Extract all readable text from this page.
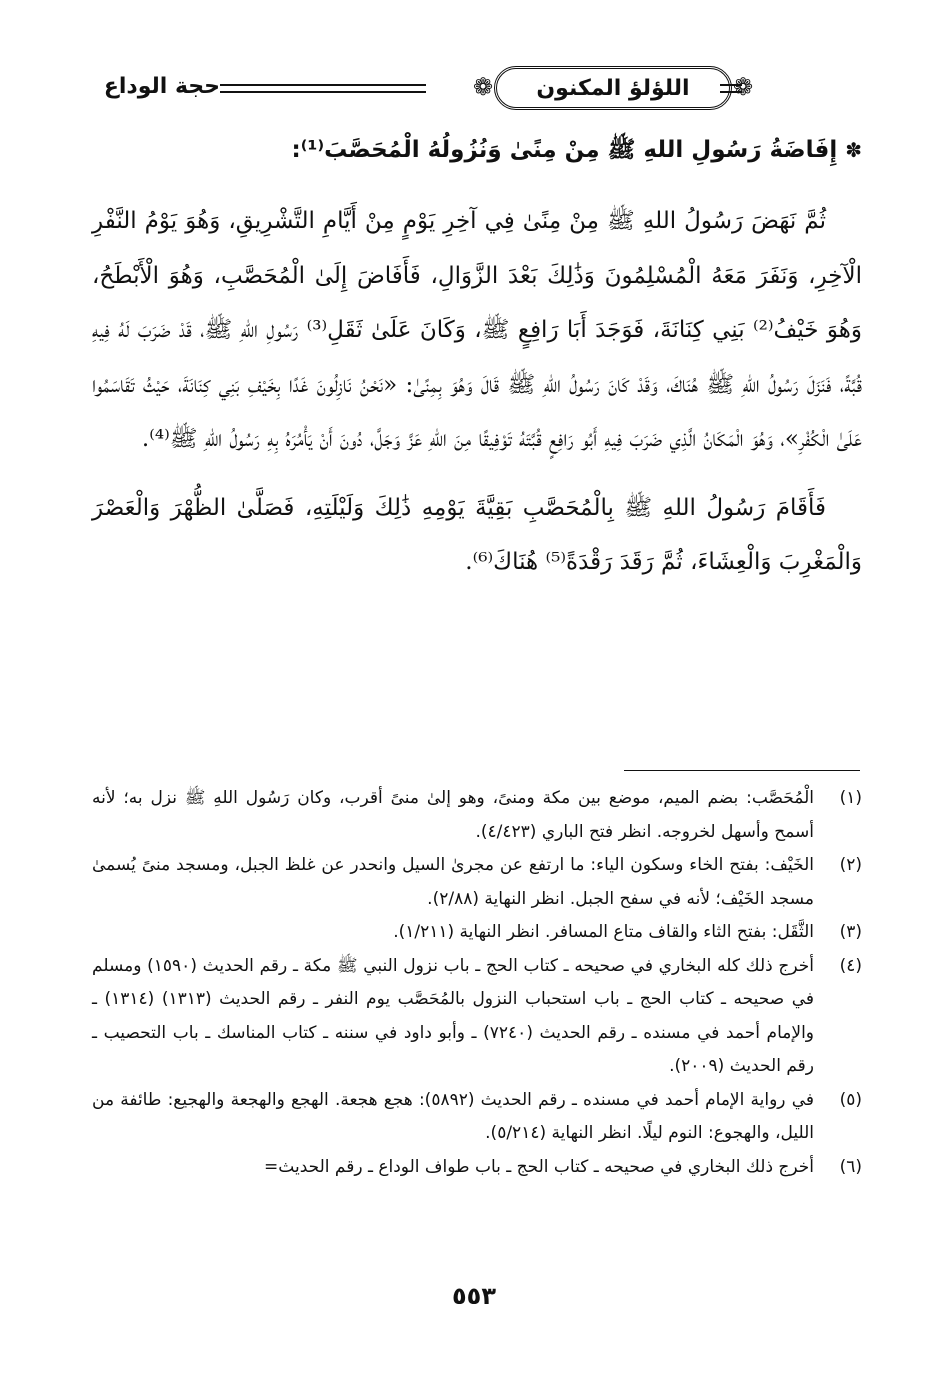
حجة الوداع	❁ اللؤلؤ المكنون ❁
✽إِفَاضَةُ رَسُولِ اللهِ ﷺ مِنْ مِنًىٰ وَنُزُولُهُ الْمُحَصَّبَ⁽¹⁾:

ثُمَّ نَهَضَ رَسُولُ اللهِ ﷺ مِنْ مِنًىٰ فِي آخِرِ يَوْمٍ مِنْ أَيَّامِ التَّشْرِيقِ، وَهُوَ يَوْمُ النَّفْرِ الْآخِرِ، وَنَفَرَ مَعَهُ الْمُسْلِمُونَ وَذَٰلِكَ بَعْدَ الزَّوَالِ، فَأَفَاضَ إِلَىٰ الْمُحَصَّبِ، وَهُوَ الْأَبْطَحُ، وَهُوَ خَيْفُ⁽²⁾ بَنِي كِنَانَةَ، فَوَجَدَ أَبَا رَافِعٍ ﷺ، وَكَانَ عَلَىٰ ثَقَلِ⁽³⁾ رَسُولِ اللهِ ﷺ، قَدْ ضَرَبَ لَهُ فِيهِ قُبَّةً، فَنَزَلَ رَسُولُ اللهِ ﷺ هُنَاكَ، وَقَدْ كَانَ رَسُولُ اللهِ ﷺ قَالَ وَهُوَ بِمِنًىٰ: «نَحْنُ نَازِلُونَ غَدًا بِخَيْفِ بَنِي كِنَانَةَ، حَيْثُ تَقَاسَمُوا عَلَىٰ الْكُفْرِ»، وَهُوَ الْمَكَانُ الَّذِي ضَرَبَ فِيهِ أَبُو رَافِعٍ قُبَّتَهُ تَوْفِيقًا مِنَ اللهِ عَزَّ وَجَلَّ، دُونَ أَنْ يَأْمُرَهُ بِهِ رَسُولُ اللهِ ﷺ⁽⁴⁾.

فَأَقَامَ رَسُولُ اللهِ ﷺ بِالْمُحَصَّبِ بَقِيَّةَ يَوْمِهِ ذَٰلِكَ وَلَيْلَتِهِ، فَصَلَّىٰ الظُّهْرَ وَالْعَصْرَ وَالْمَغْرِبَ وَالْعِشَاءَ، ثُمَّ رَقَدَ رَقْدَةً⁽⁵⁾ هُنَاكَ⁽⁶⁾.

(١)
الْمُحَصَّب: بضم الميم، موضع بين مكة ومنىً، وهو إلىٰ منىً أقرب، وكان رَسُول اللهِ ﷺ نزل به؛ لأنه أسمح وأسهل لخروجه. انظر فتح الباري (٤/٤٢٣).
(٢)
الخَيْف: بفتح الخاء وسكون الياء: ما ارتفع عن مجرىٰ السيل وانحدر عن غلظ الجبل، ومسجد منىً يُسمىٰ مسجد الخَيْف؛ لأنه في سفح الجبل. انظر النهاية (٢/٨٨).
(٣)
الثَّقَل: بفتح الثاء والقاف متاع المسافر. انظر النهاية (١/٢١١).
(٤)
أخرج ذلك كله البخاري في صحيحه ـ كتاب الحج ـ باب نزول النبي ﷺ مكة ـ رقم الحديث (١٥٩٠) ومسلم في صحيحه ـ كتاب الحج ـ باب استحباب النزول بالمُحَصَّب يوم النفر ـ رقم الحديث (١٣١٣) (١٣١٤) ـ والإمام أحمد في مسنده ـ رقم الحديث (٧٢٤٠) ـ وأبو داود في سننه ـ كتاب المناسك ـ باب التحصيب ـ رقم الحديث (٢٠٠٩).
(٥)
في رواية الإمام أحمد في مسنده ـ رقم الحديث (٥٨٩٢): هجع هجعة. الهجع والهجعة والهجيع: طائفة من الليل، والهجوع: النوم ليلًا. انظر النهاية (٥/٢١٤).
(٦)
أخرج ذلك البخاري في صحيحه ـ كتاب الحج ـ باب طواف الوداع ـ رقم الحديث=
٥٥٣
